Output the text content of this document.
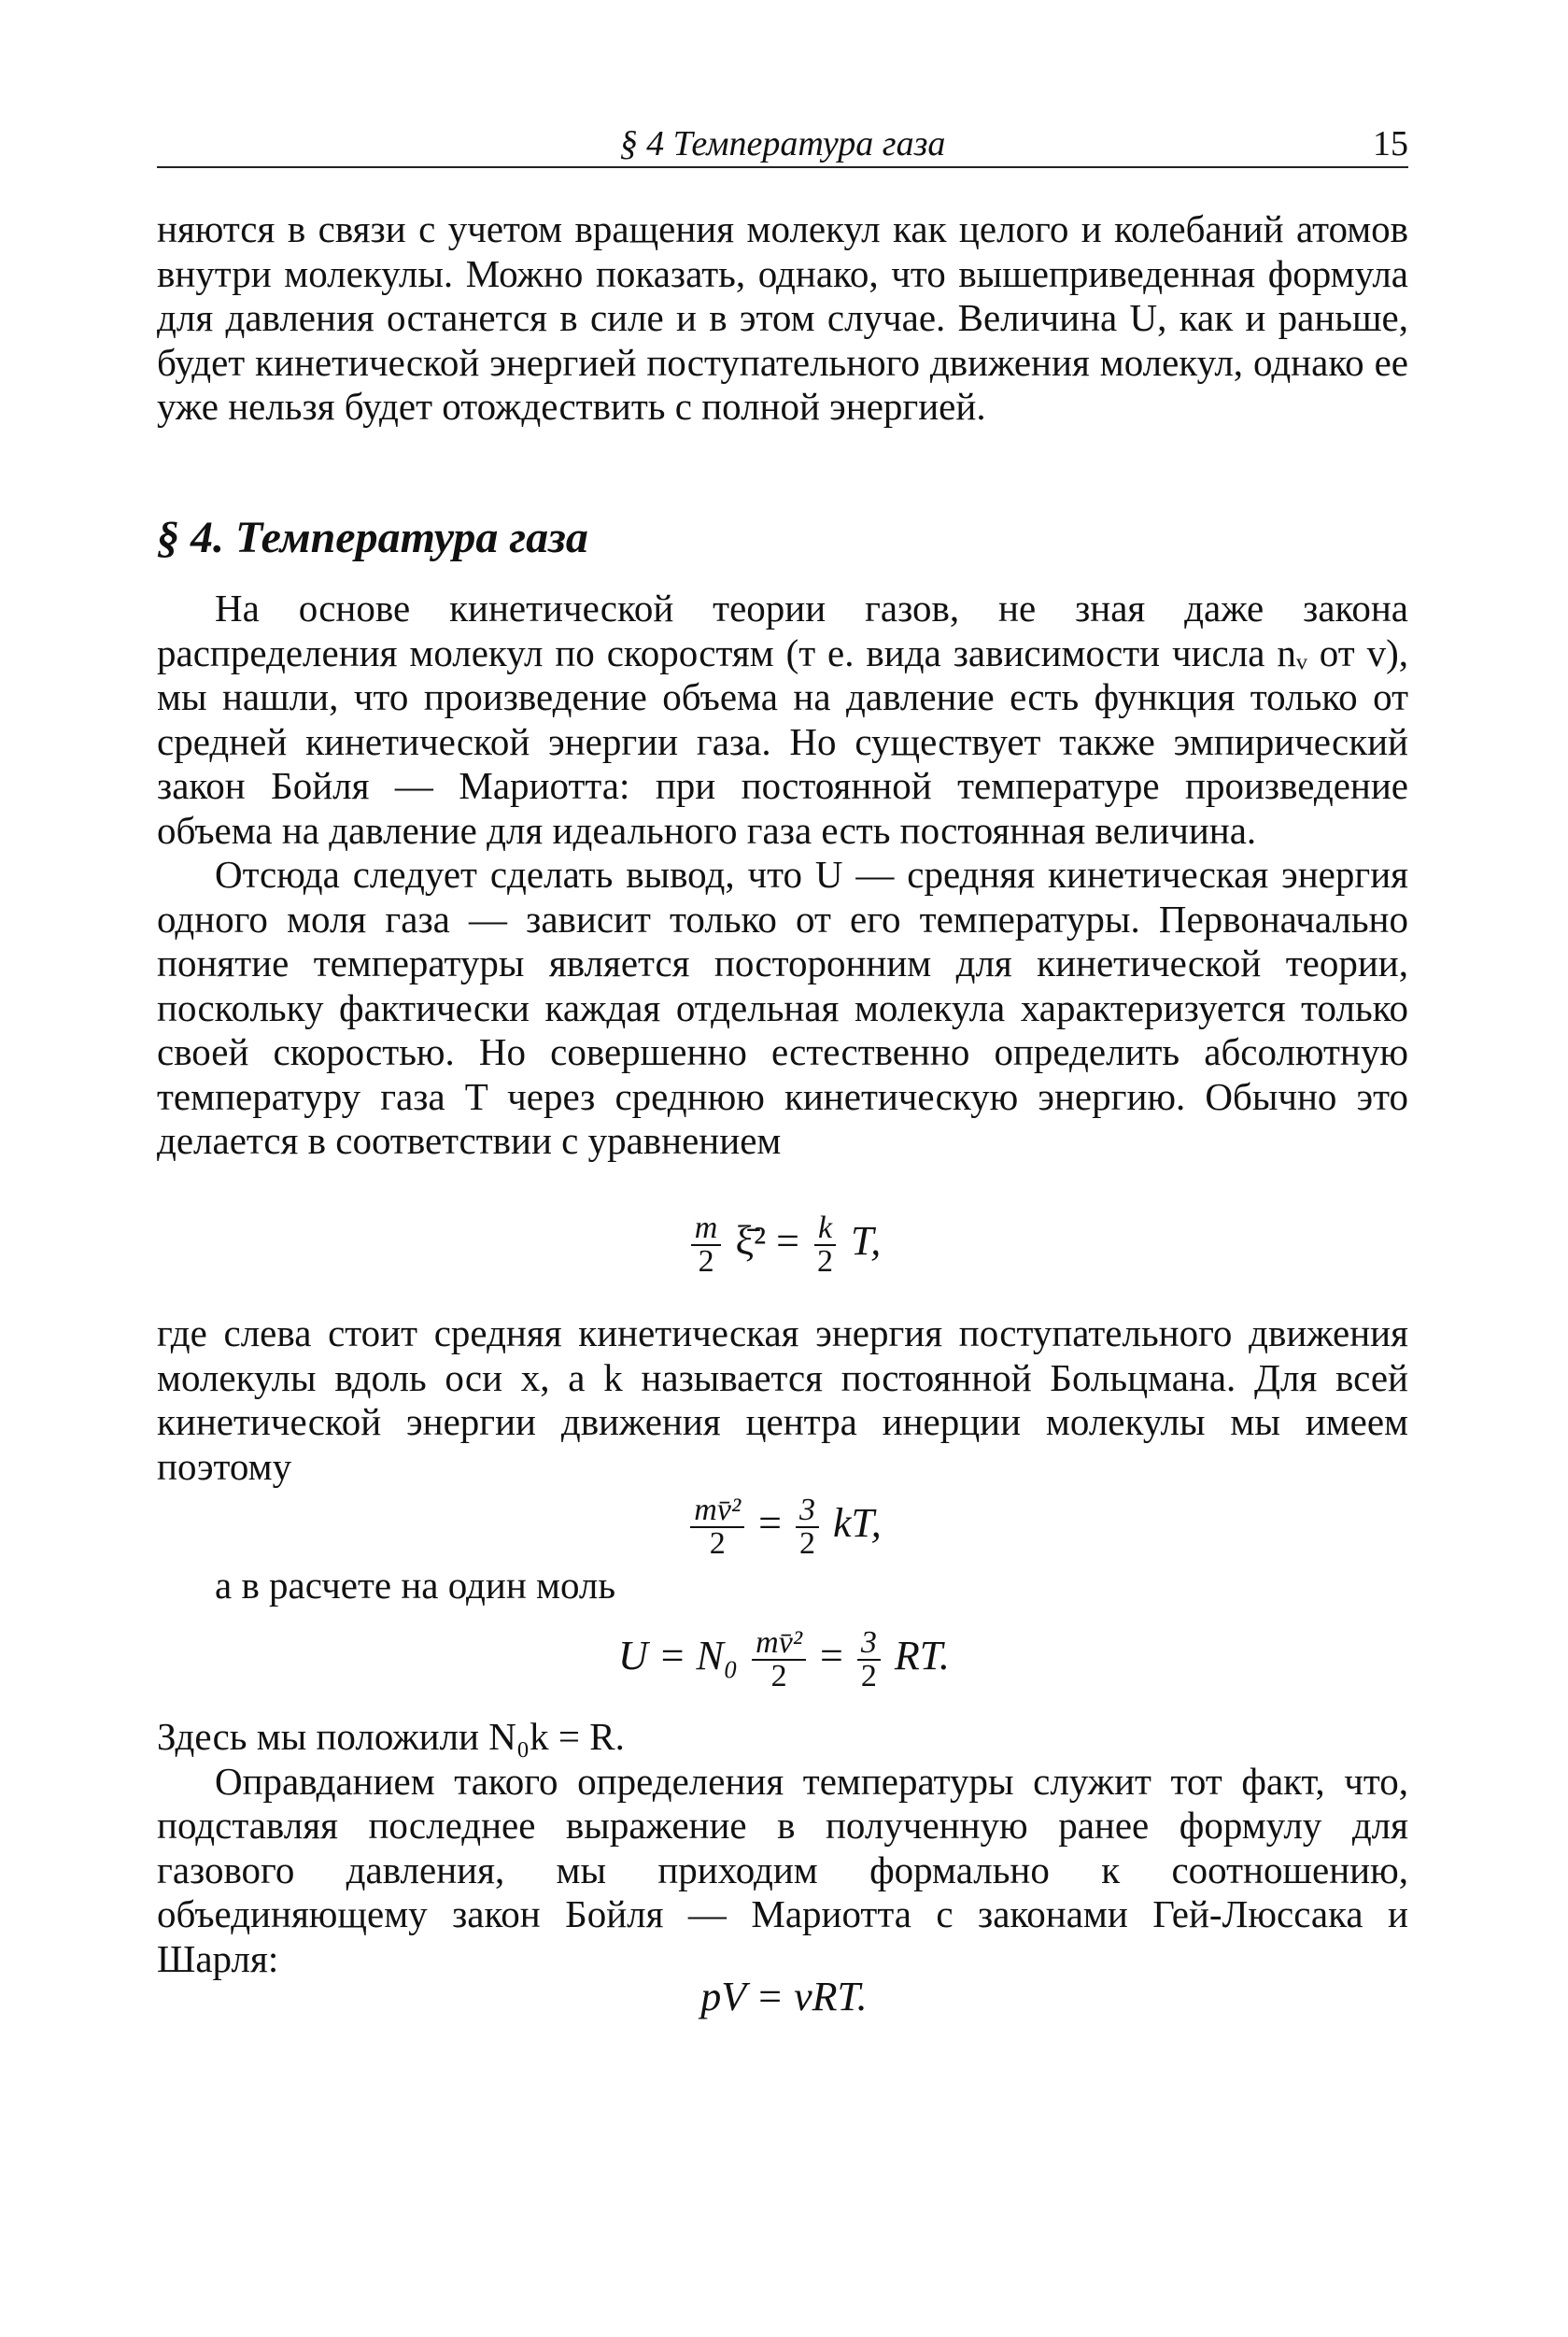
§ 4 Температура газа	15

няются в связи с учетом вращения молекул как целого и колебаний атомов внутри молекулы. Можно показать, однако, что вышеприведенная формула для давления останется в силе и в этом случае. Величина U, как и раньше, будет кинетической энергией поступательного движения молекул, однако ее уже нельзя будет отождествить с полной энергией.

§ 4. Температура газа

На основе кинетической теории газов, не зная даже закона распределения молекул по скоростям (т е. вида зависимости числа nᵥ от v), мы нашли, что произведение объема на давление есть функция только от средней кинетической энергии газа. Но существует также эмпирический закон Бойля — Мариотта: при постоянной температуре произведение объема на давление для идеального газа есть постоянная величина.

Отсюда следует сделать вывод, что U — средняя кинетическая энергия одного моля газа — зависит только от его температуры. Первоначально понятие температуры является посторонним для кинетической теории, поскольку фактически каждая отдельная молекула характеризуется только своей скоростью. Но совершенно естественно определить абсолютную температуру газа T через среднюю кинетическую энергию. Обычно это делается в соответствии с уравнением

$\frac{m}{2}$ ξ̄² = $\frac{k}{2} T$,

где слева стоит средняя кинетическая энергия поступательного движения молекулы вдоль оси x, а k называется постоянной Больцмана. Для всей кинетической энергии движения центра инерции молекулы мы имеем поэтому

$\frac{\text{mv̄²}}{2} = \frac{3}{2}$ kT,

а в расчете на один моль

$U = N_0 \frac{\text{mv̄²}}{2} = \frac{3}{2}$ RT.

Здесь мы положили N₀k = R.

Оправданием такого определения температуры служит тот факт, что, подставляя последнее выражение в полученную ранее формулу для газового давления, мы приходим формально к соотношению, объединяющему закон Бойля — Мариотта с законами Гей-Люссака и Шарля:

pV = νRT.
